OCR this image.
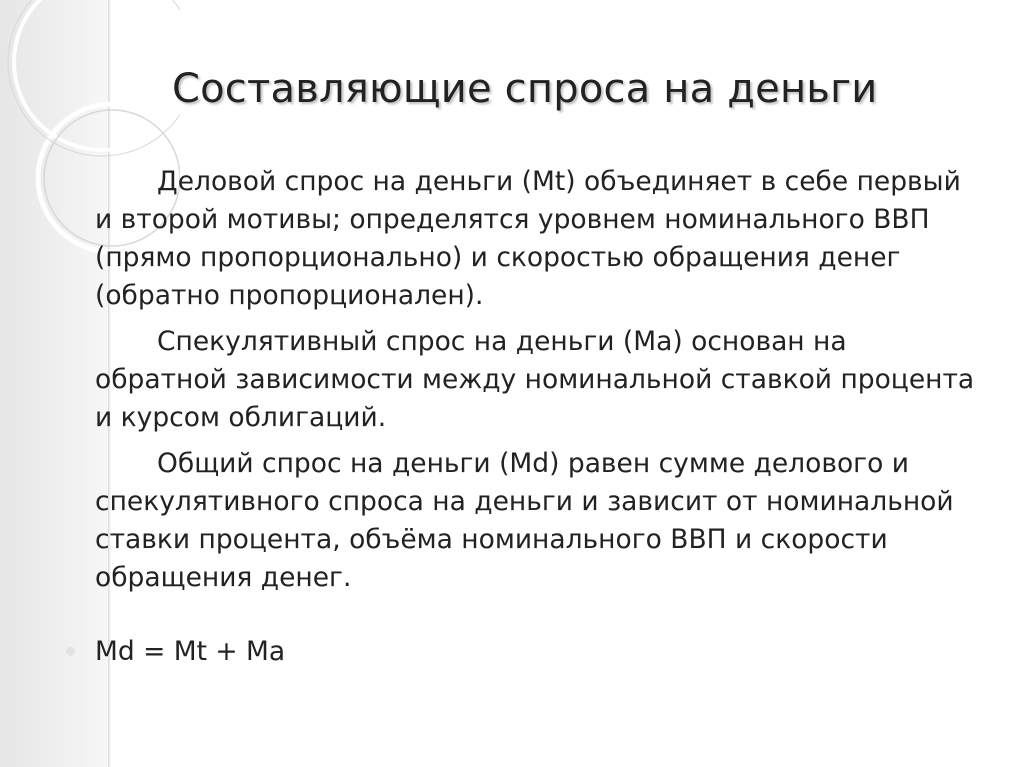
Составляющие спроса на деньги

Деловой спрос на деньги (Mt) объединяет в себе первый и второй мотивы; определятся уровнем номинального ВВП (прямо пропорционально) и скоростью обращения денег (обратно пропорционален).

Спекулятивный спрос на деньги (Ma) основан на обратной зависимости между номинальной ставкой процента и курсом облигаций.

Общий спрос на деньги (Md) равен сумме делового и спекулятивного спроса на деньги и зависит от номинальной ставки процента, объёма номинального ВВП и скорости обращения денег.

Md = Mt + Ma
